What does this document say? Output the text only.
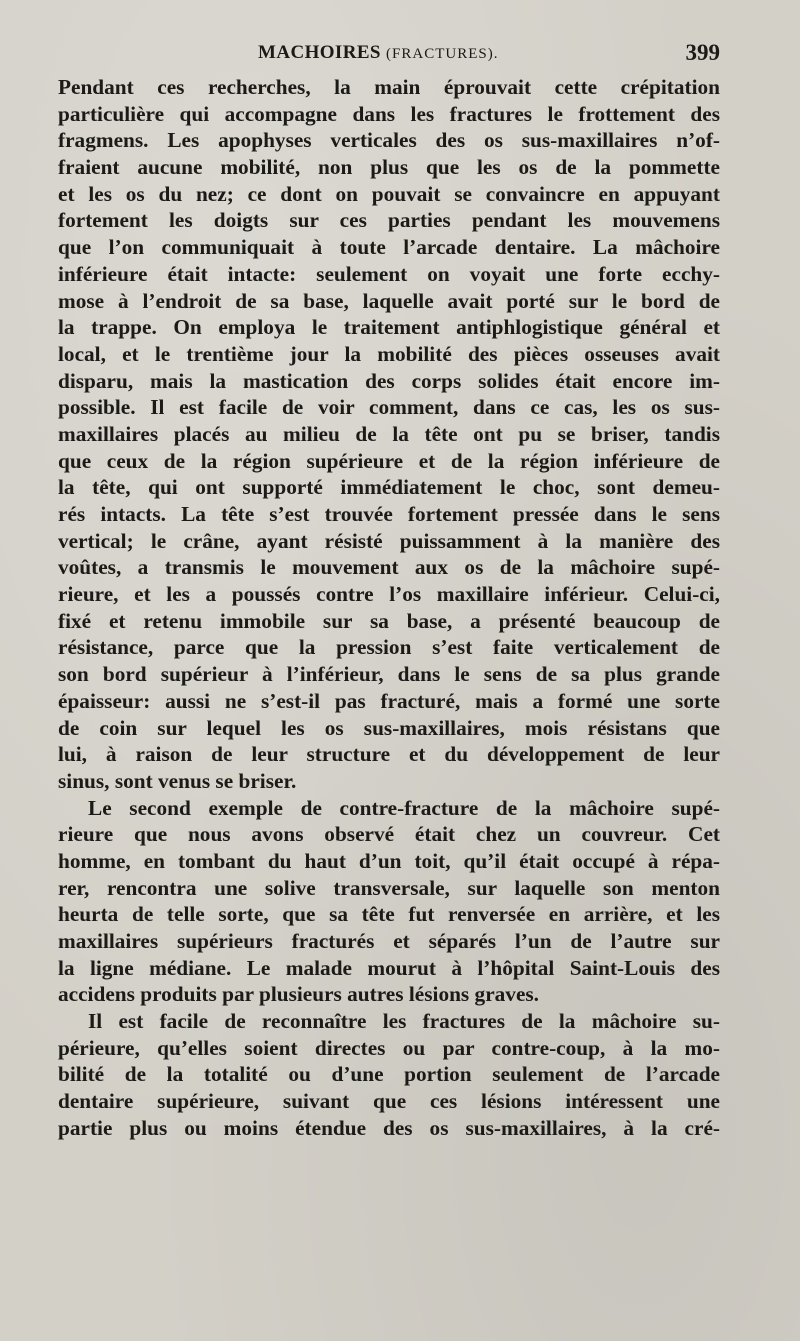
MACHOIRES (FRACTURES).	399
Pendant ces recherches, la main éprouvait cette crépitation
particulière qui accompagne dans les fractures le frottement des
fragmens. Les apophyses verticales des os sus-maxillaires n’of-
fraient aucune mobilité, non plus que les os de la pommette
et les os du nez; ce dont on pouvait se convaincre en appuyant
fortement les doigts sur ces parties pendant les mouvemens
que l’on communiquait à toute l’arcade dentaire. La mâchoire
inférieure était intacte: seulement on voyait une forte ecchy-
mose à l’endroit de sa base, laquelle avait porté sur le bord de
la trappe. On employa le traitement antiphlogistique général et
local, et le trentième jour la mobilité des pièces osseuses avait
disparu, mais la mastication des corps solides était encore im-
possible. Il est facile de voir comment, dans ce cas, les os sus-
maxillaires placés au milieu de la tête ont pu se briser, tandis
que ceux de la région supérieure et de la région inférieure de
la tête, qui ont supporté immédiatement le choc, sont demeu-
rés intacts. La tête s’est trouvée fortement pressée dans le sens
vertical; le crâne, ayant résisté puissamment à la manière des
voûtes, a transmis le mouvement aux os de la mâchoire supé-
rieure, et les a poussés contre l’os maxillaire inférieur. Celui-ci,
fixé et retenu immobile sur sa base, a présenté beaucoup de
résistance, parce que la pression s’est faite verticalement de
son bord supérieur à l’inférieur, dans le sens de sa plus grande
épaisseur: aussi ne s’est-il pas fracturé, mais a formé une sorte
de coin sur lequel les os sus-maxillaires, mois résistans que
lui, à raison de leur structure et du développement de leur
sinus, sont venus se briser.
Le second exemple de contre-fracture de la mâchoire supé-
rieure que nous avons observé était chez un couvreur. Cet
homme, en tombant du haut d’un toit, qu’il était occupé à répa-
rer, rencontra une solive transversale, sur laquelle son menton
heurta de telle sorte, que sa tête fut renversée en arrière, et les
maxillaires supérieurs fracturés et séparés l’un de l’autre sur
la ligne médiane. Le malade mourut à l’hôpital Saint-Louis des
accidens produits par plusieurs autres lésions graves.
Il est facile de reconnaître les fractures de la mâchoire su-
périeure, qu’elles soient directes ou par contre-coup, à la mo-
bilité de la totalité ou d’une portion seulement de l’arcade
dentaire supérieure, suivant que ces lésions intéressent une
partie plus ou moins étendue des os sus-maxillaires, à la cré-
